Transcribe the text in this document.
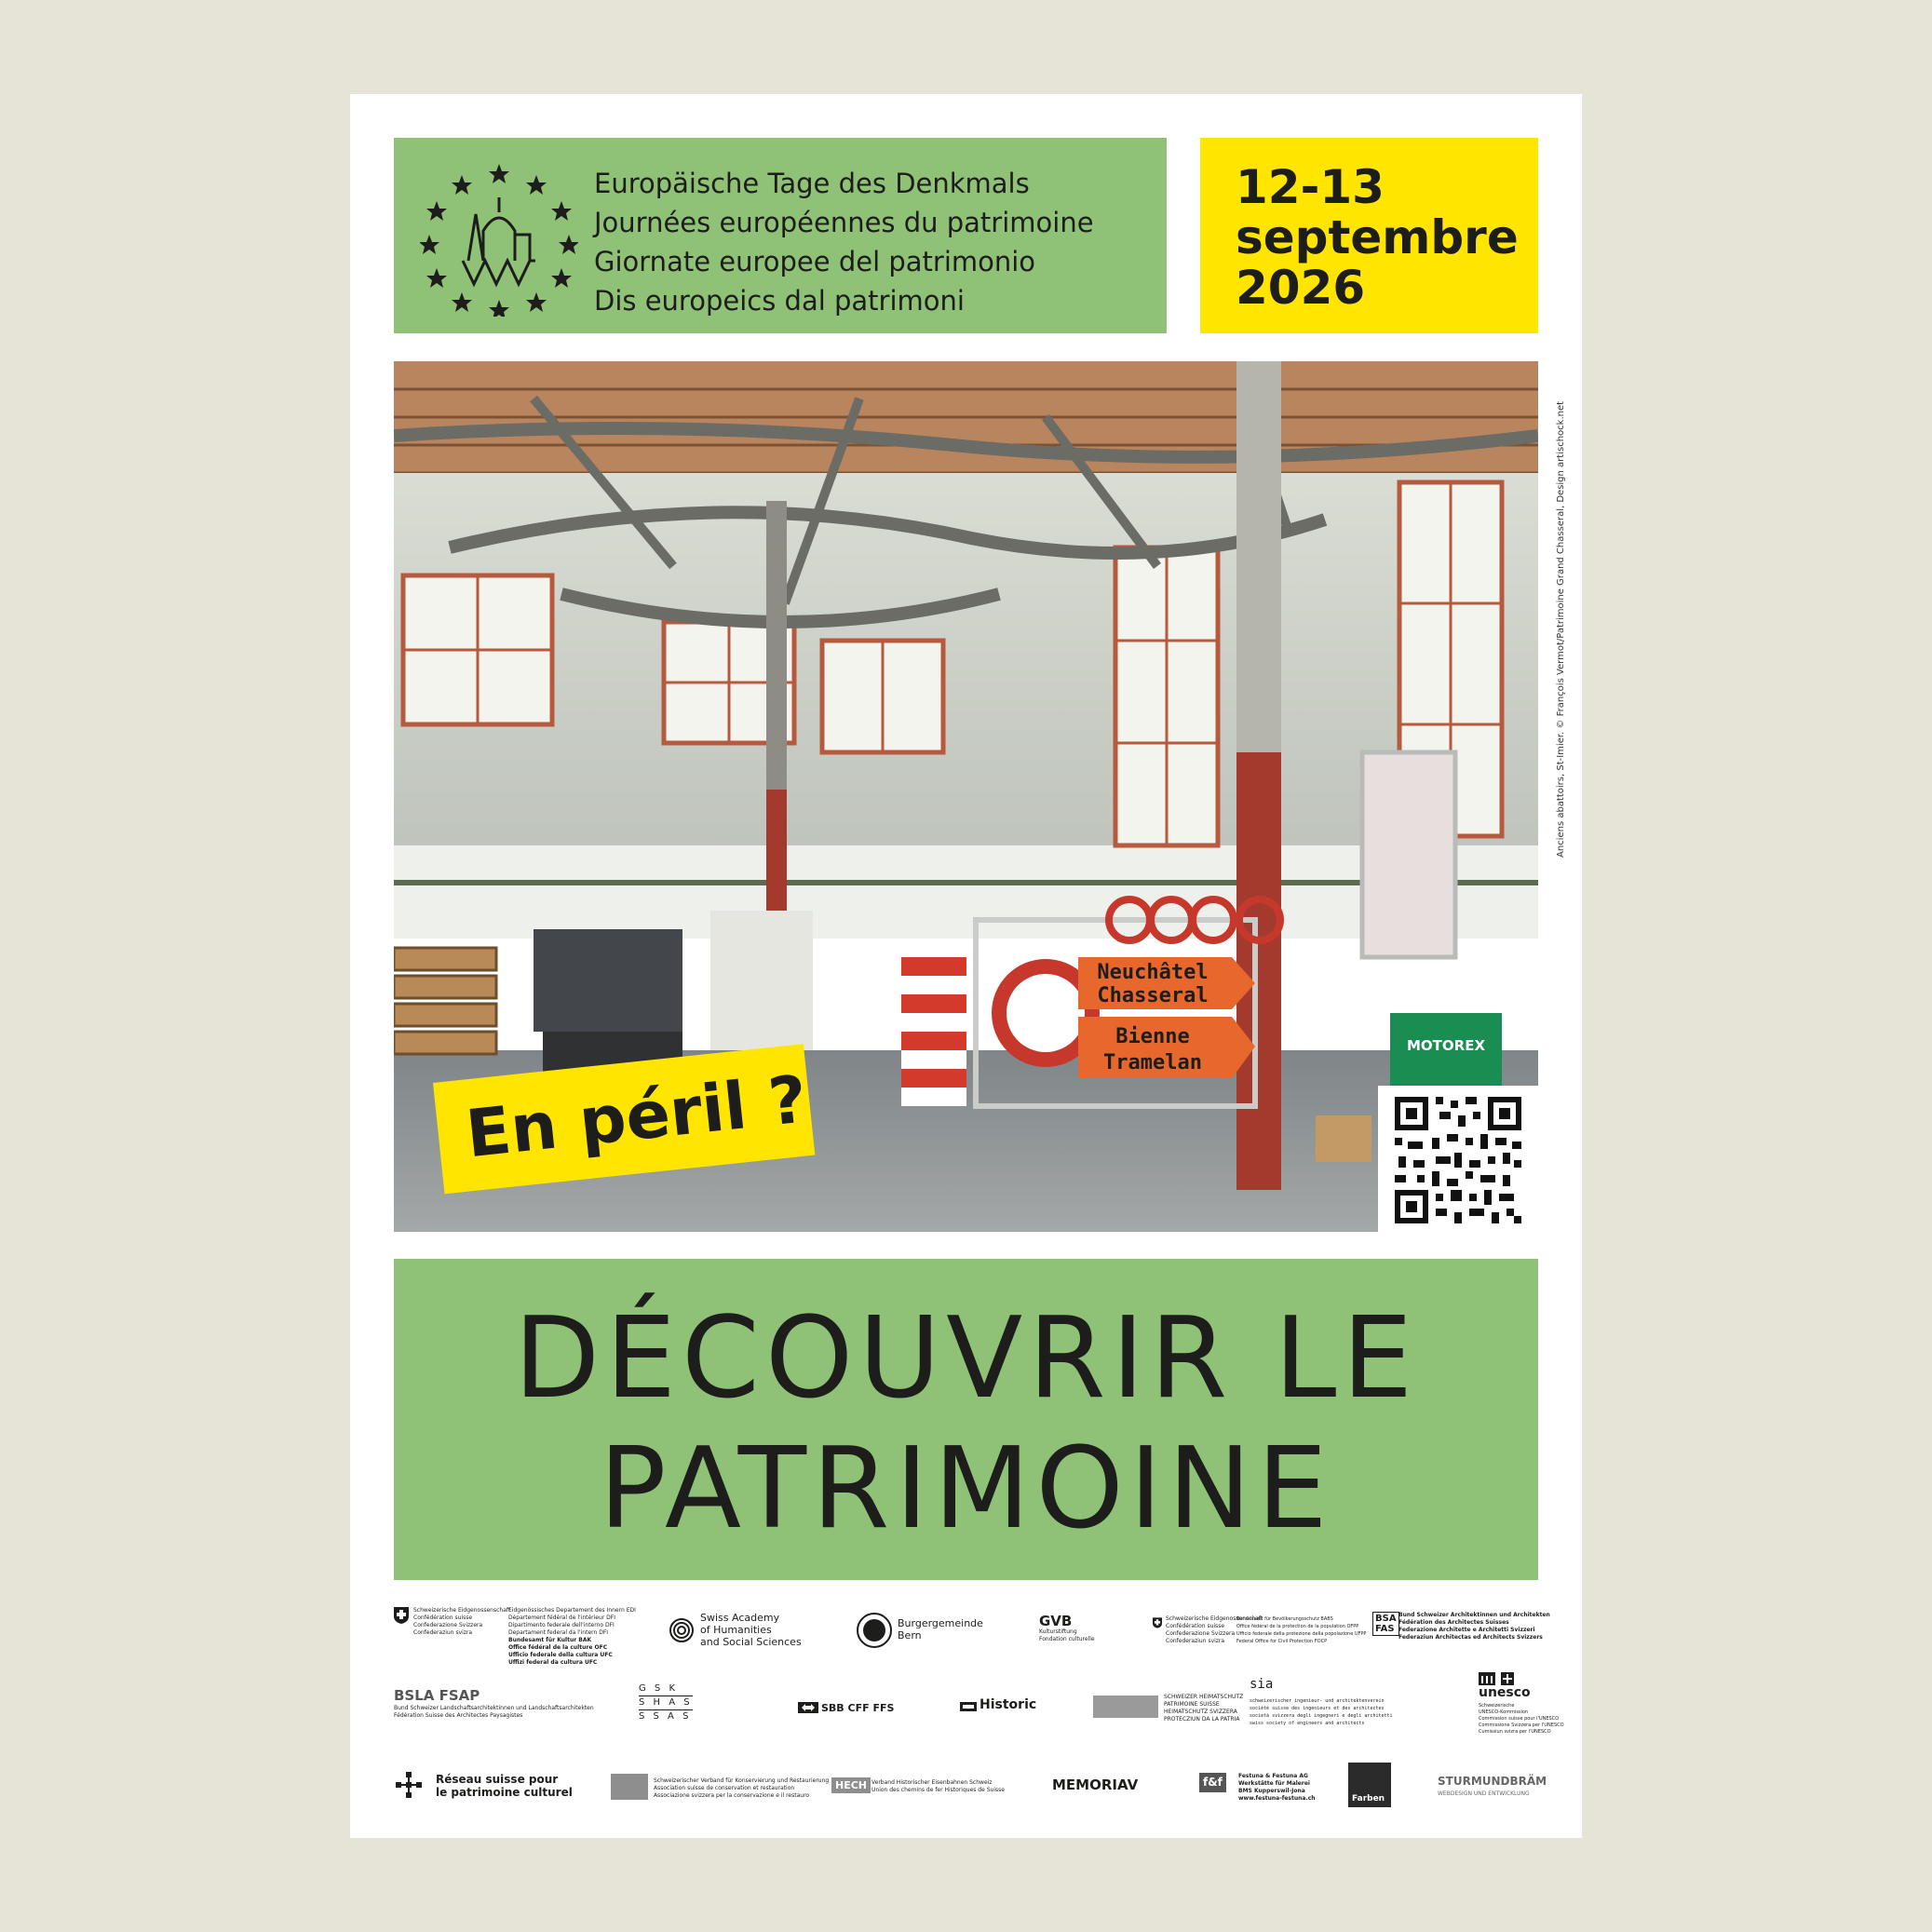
Europäische Tage des Denkmals
Journées européennes du patrimoine
Giornate europee del patrimonio
Dis europeics dal patrimoni
12-13
septembre
2026
Neuchâtel
Chasseral
Bienne
Tramelan
MOTOREX
Anciens abattoirs, St-Imier. © François Vermot/Patrimoine Grand Chasseral, Design artischock.net
En péril ?
DÉCOUVRIR LE
PATRIMOINE
Schweizerische Eidgenossenschaft
Confédération suisse
Confederazione Svizzera
Confederaziun svizra
Eidgenössisches Departement des Innern EDI
Département fédéral de l'intérieur DFI
Dipartimento federale dell'interno DFI
Departament federal da l'intern DFI
Bundesamt für Kultur BAK
Office fédéral de la culture OFC
Ufficio federale della cultura UFC
Uffizi federal da cultura UFC
Swiss Academy
of Humanities
and Social Sciences
Burgergemeinde
Bern
GVB
Kulturstiftung
Fondation culturelle
Schweizerische Eidgenossenschaft
Confédération suisse
Confederazione Svizzera
Confederaziun svizra
Bundesamt für Bevölkerungsschutz BABS
Office fédéral de la protection de la population OFPP
Ufficio federale della protezione della popolazione UFPP
Federal Office for Civil Protection FOCP
BSA
FAS
Bund Schweizer Architektinnen und Architekten
Fédération des Architectes Suisses
Federazione Architette e Architetti Svizzeri
Federaziun Architectas ed Architects Svizzers
BSLA FSAP
Bund Schweizer Landschaftsarchitektinnen und Landschaftsarchitekten
Fédération Suisse des Architectes Paysagistes
G S K
S H A S
S S A S
SBB CFF FFS	Historic
SCHWEIZER HEIMATSCHUTZ
PATRIMOINE SUISSE
HEIMATSCHUTZ SVIZZERA
PROTECZIUN DA LA PATRIA
sia
schweizerischer ingenieur- und architektenverein
société suisse des ingénieurs et des architectes
società svizzera degli ingegneri e degli architetti
swiss society of engineers and architects
unesco
Schweizerische
UNESCO-Kommission
Commission suisse pour l'UNESCO
Commissione Svizzera per l'UNESCO
Cumissiun svizra per l'UNESCO
Réseau suisse pour
le patrimoine culturel
Schweizerischer Verband für Konservierung und Restaurierung
Association suisse de conservation et restauration
Associazione svizzera per la conservazione e il restauro
HECH Verband Historischer Eisenbahnen Schweiz
Union des chemins de fer Historiques de Suisse	MEMORIAV	f&f	Festuna & Festuna AG
Werkstätte für Malerei
BMS Kupperswil-Jona
www.festuna-festuna.ch	Farben
STURMUNDBRÄM
WEBDESIGN UND ENTWICKLUNG
